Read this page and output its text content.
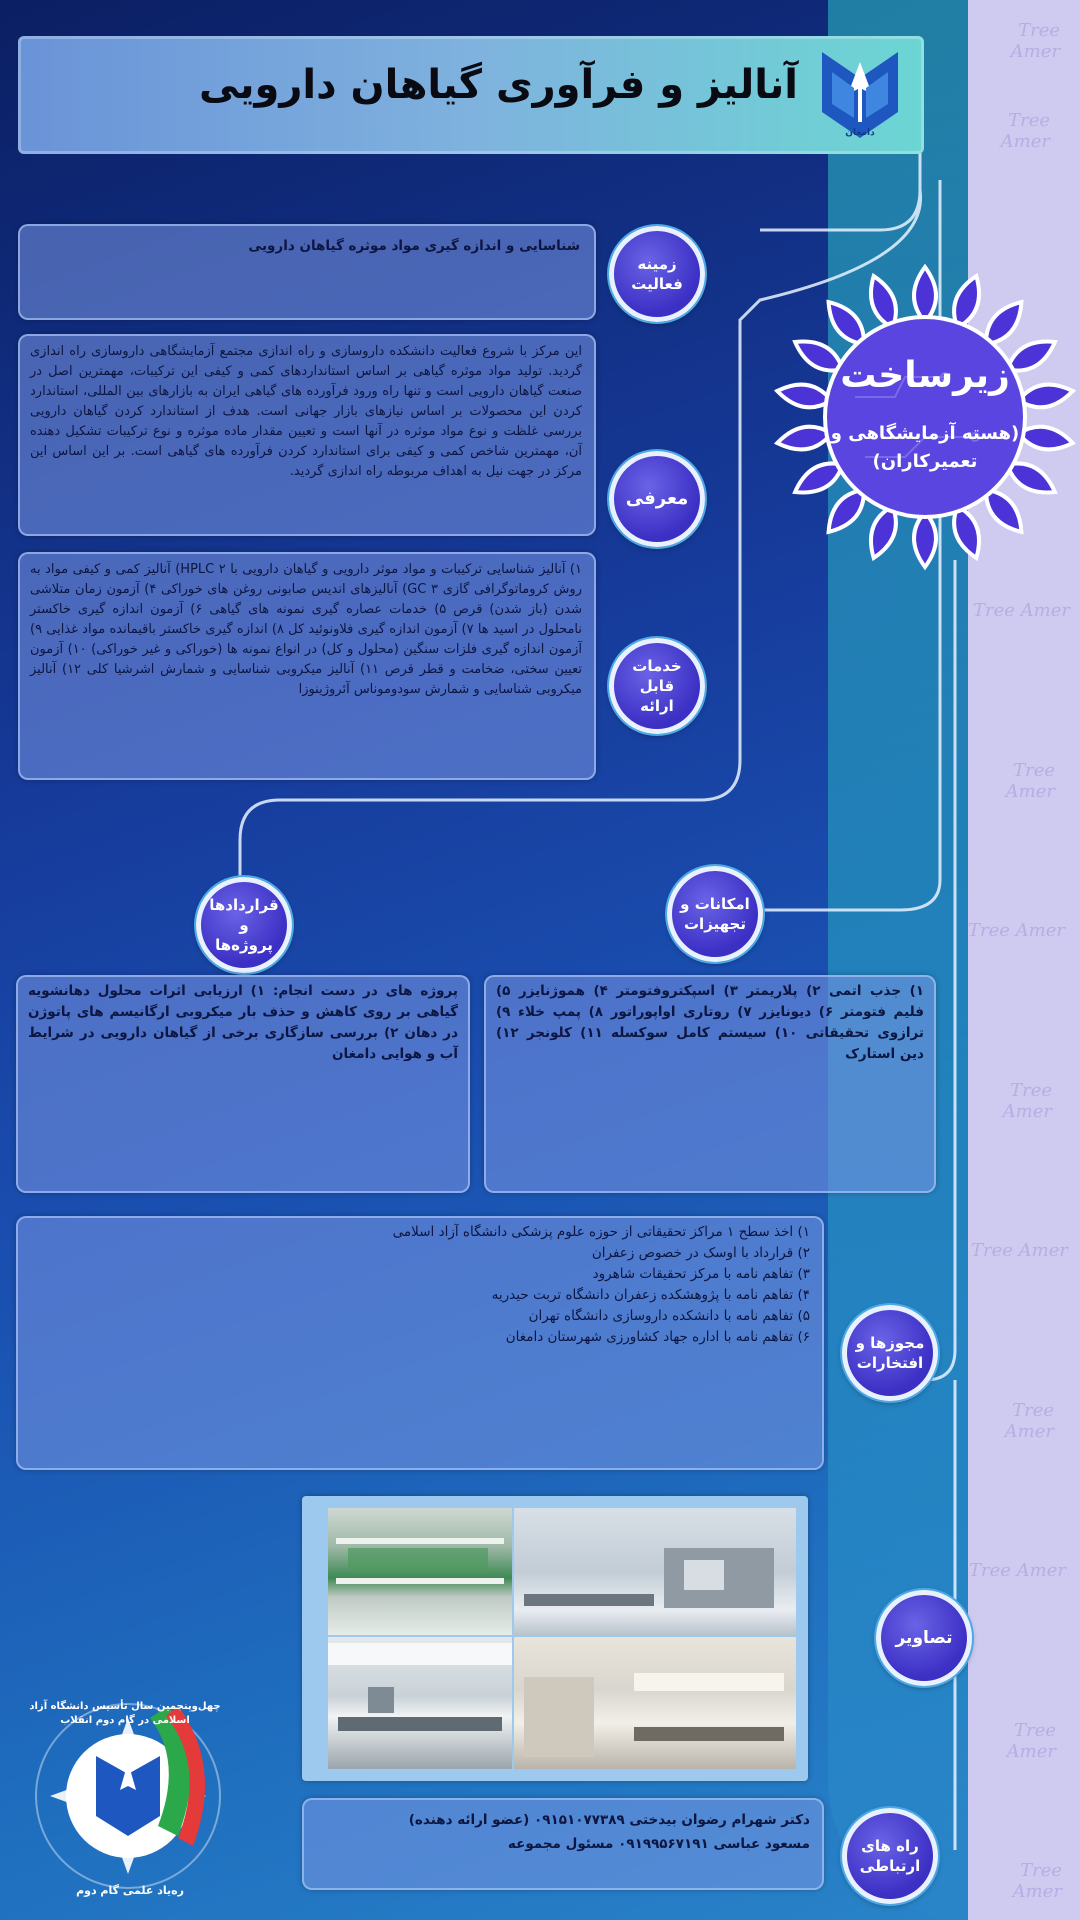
Tree Amer
Tree Amer
Tree Amer
Tree Amer
Tree Amer
Tree Amer
Tree Amer
Tree Amer
Tree Amer
Tree Amer
Tree Amer
آنالیز و فرآوری گیاهان دارویی
دامغان
زیرساخت
(هسته آزمایشگاهی و تعمیرکاران)

شناسایی و اندازه گیری مواد موثره گیاهان دارویی

زمینه فعالیت

این مرکز با شروع فعالیت دانشکده داروسازی و راه اندازی مجتمع آزمایشگاهی داروسازی راه اندازی گردید. تولید مواد موثره گیاهی بر اساس استانداردهای کمی و کیفی این ترکیبات، مهمترین اصل در صنعت گیاهان دارویی است و تنها راه ورود فرآورده های گیاهی ایران به بازارهای بین المللی، استاندارد کردن این محصولات بر اساس نیازهای بازار جهانی است. هدف از استاندارد کردن گیاهان دارویی بررسی غلظت و نوع مواد موثره در آنها است و تعیین مقدار ماده موثره و نوع ترکیبات تشکیل دهنده آن، مهمترین شاخص کمی و کیفی برای استاندارد کردن فرآورده های گیاهی است. بر این اساس این مرکز در جهت نیل به اهداف مربوطه راه اندازی گردید.

معرفی

۱) آنالیز شناسایی ترکیبات و مواد موثر دارویی و گیاهان دارویی با HPLC ۲) آنالیز کمی و کیفی مواد به روش کروماتوگرافی گازی GC ۳) آنالیزهای اندیس صابونی روغن های خوراکی ۴) آزمون زمان متلاشی شدن (باز شدن) قرص ۵) خدمات عصاره گیری نمونه های گیاهی ۶) آزمون اندازه گیری خاکستر نامحلول در اسید ها ۷) آزمون اندازه گیری فلاونوئید کل ۸) اندازه گیری خاکستر باقیمانده مواد غذایی ۹) آزمون اندازه گیری فلزات سنگین (محلول و کل) در انواع نمونه ها (خوراکی و غیر خوراکی) ۱۰) آزمون تعیین سختی، ضخامت و قطر قرص ۱۱) آنالیز میکروبی شناسایی و شمارش اشرشیا کلی ۱۲) آنالیز میکروبی شناسایی و شمارش سودوموناس آئروژینوزا

خدمات قابل ارائه
امکانات و تجهیزات
قراردادها و پروژه‌ها

۱) جذب اتمی ۲) پلاریمتر ۳) اسپکتروفتومتر ۴) هموژنایزر ۵) فلیم فتومتر ۶) دیونایزر ۷) روتاری اواپوراتور ۸) پمپ خلاء ۹) ترازوی تحقیقاتی ۱۰) سیستم کامل سوکسله ۱۱) کلونجر ۱۲) دین استارک

پروژه های در دست انجام: ۱) ارزیابی اثرات محلول دهانشویه گیاهی بر روی کاهش و حذف بار میکروبی ارگانیسم های پاتوژن در دهان ۲) بررسی سازگاری برخی از گیاهان دارویی در شرایط آب و هوایی دامغان

۱) اخذ سطح ۱ مراکز تحقیقاتی از حوزه علوم پزشکی دانشگاه آزاد اسلامی
۲) قرارداد با اوسک در خصوص زعفران
۳) تفاهم نامه با مرکز تحقیقات شاهرود
۴) تفاهم نامه با پژوهشکده زعفران دانشگاه تربت حیدریه
۵) تفاهم نامه با دانشکده داروسازی دانشگاه تهران
۶) تفاهم نامه با اداره جهاد کشاورزی شهرستان دامغان	مجوزها و افتخارات
تصاویر

دکتر شهرام رضوان بیدختی ۰۹۱۵۱۰۷۷۳۸۹ (عضو ارائه دهنده)

مسعود عباسی ۰۹۱۹۹۵۶۷۱۹۱ مسئول مجموعه	راه های ارتباطی
چهل‌وپنجمین سال تأسیس دانشگاه آزاد اسلامی در گام دوم انقلاب
ره‌یاد علمی گام دوم
